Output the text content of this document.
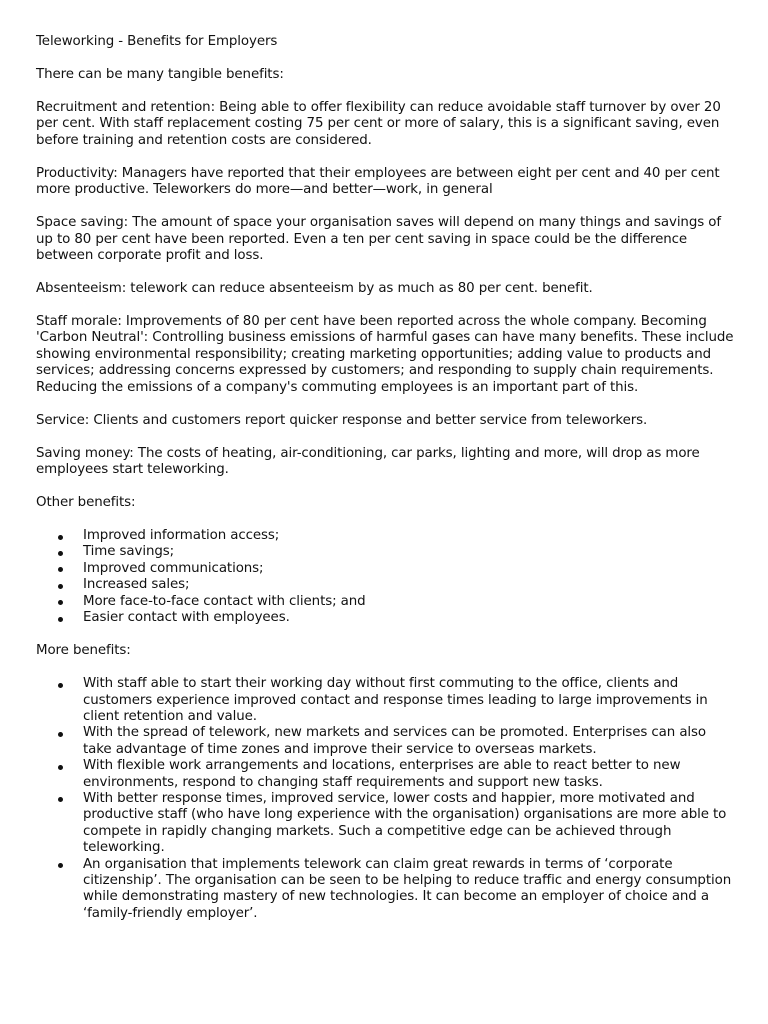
Teleworking - Benefits for Employers

There can be many tangible benefits:

Recruitment and retention: Being able to offer flexibility can reduce avoidable staff turnover by over 20 per cent. With staff replacement costing 75 per cent or more of salary, this is a significant saving, even before training and retention costs are considered.

Productivity: Managers have reported that their employees are between eight per cent and 40 per cent more productive. Teleworkers do more—and better—work, in general

Space saving: The amount of space your organisation saves will depend on many things and savings of up to 80 per cent have been reported. Even a ten per cent saving in space could be the difference between corporate profit and loss.

Absenteeism: telework can reduce absenteeism by as much as 80 per cent. benefit.

Staff morale: Improvements of 80 per cent have been reported across the whole company. Becoming 'Carbon Neutral': Controlling business emissions of harmful gases can have many benefits. These include showing environmental responsibility; creating marketing opportunities; adding value to products and services; addressing concerns expressed by customers; and responding to supply chain requirements. Reducing the emissions of a company's commuting employees is an important part of this.

Service: Clients and customers report quicker response and better service from teleworkers.

Saving money: The costs of heating, air-conditioning, car parks, lighting and more, will drop as more employees start teleworking.

Other benefits:

Improved information access;
Time savings;
Improved communications;
Increased sales;
More face-to-face contact with clients; and
Easier contact with employees.

More benefits:

With staff able to start their working day without first commuting to the office, clients and customers experience improved contact and response times leading to large improvements in client retention and value.
With the spread of telework, new markets and services can be promoted. Enterprises can also take advantage of time zones and improve their service to overseas markets.
With flexible work arrangements and locations, enterprises are able to react better to new environments, respond to changing staff requirements and support new tasks.
With better response times, improved service, lower costs and happier, more motivated and productive staff (who have long experience with the organisation) organisations are more able to compete in rapidly changing markets. Such a competitive edge can be achieved through teleworking.
An organisation that implements telework can claim great rewards in terms of ‘corporate citizenship’. The organisation can be seen to be helping to reduce traffic and energy consumption while demonstrating mastery of new technologies. It can become an employer of choice and a ‘family-friendly employer’.
